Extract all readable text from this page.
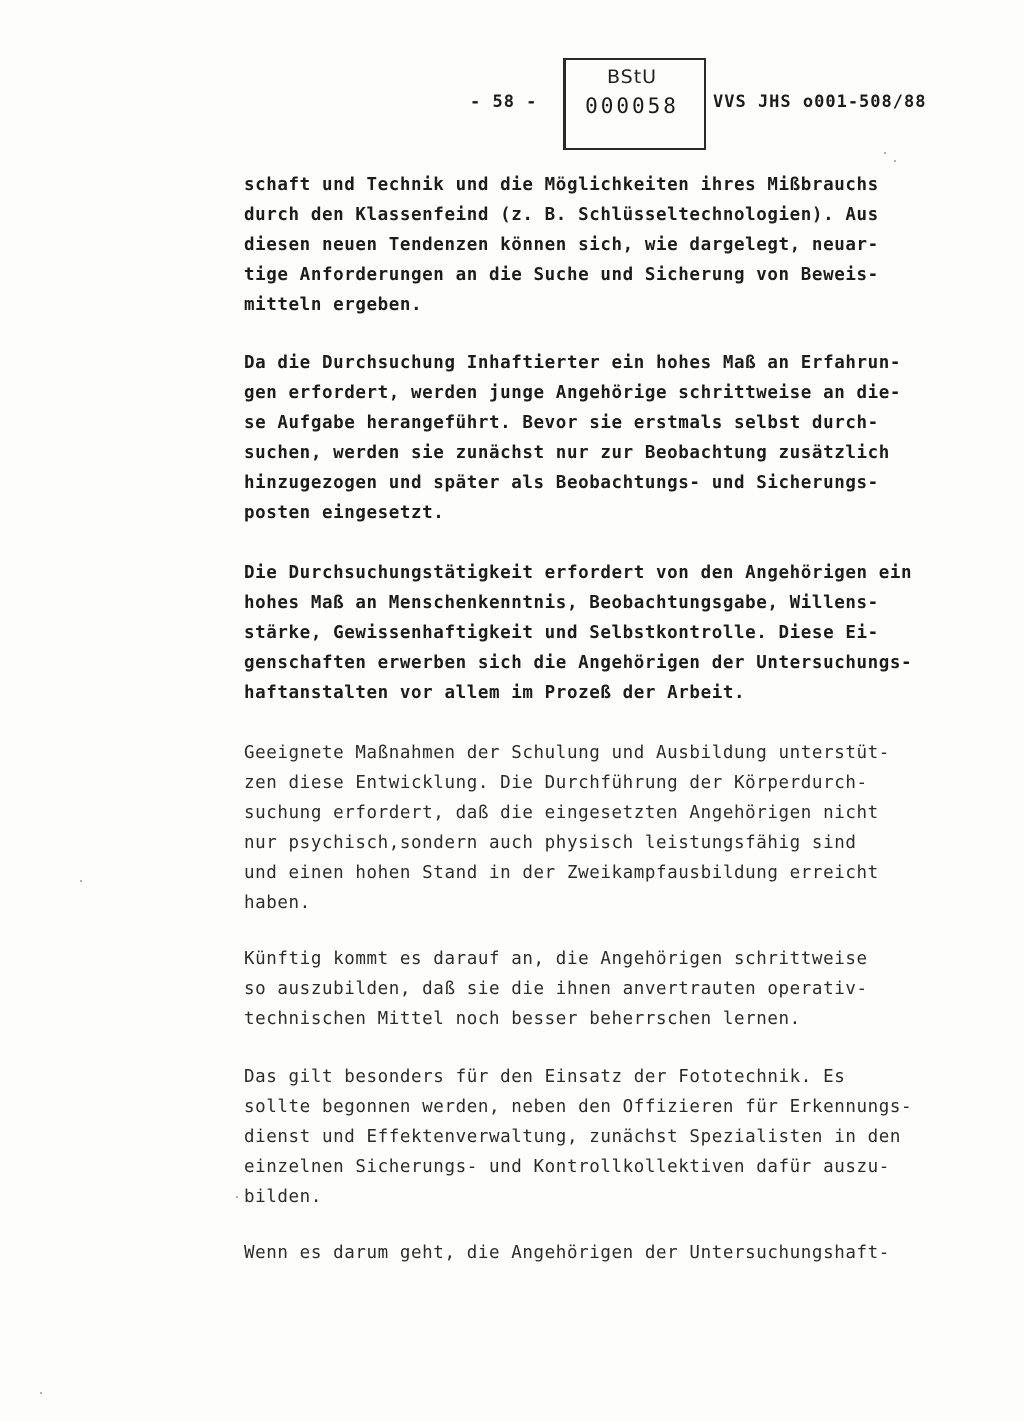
- 58 -	VVS JHS o001-508/88
BStU
000058
schaft und Technik und die Möglichkeiten ihres Mißbrauchs
durch den Klassenfeind (z. B. Schlüsseltechnologien). Aus
diesen neuen Tendenzen können sich, wie dargelegt, neuar-
tige Anforderungen an die Suche und Sicherung von Beweis-
mitteln ergeben.
Da die Durchsuchung Inhaftierter ein hohes Maß an Erfahrun-
gen erfordert, werden junge Angehörige schrittweise an die-
se Aufgabe herangeführt. Bevor sie erstmals selbst durch-
suchen, werden sie zunächst nur zur Beobachtung zusätzlich
hinzugezogen und später als Beobachtungs- und Sicherungs-
posten eingesetzt.
Die Durchsuchungstätigkeit erfordert von den Angehörigen ein
hohes Maß an Menschenkenntnis, Beobachtungsgabe, Willens-
stärke, Gewissenhaftigkeit und Selbstkontrolle. Diese Ei-
genschaften erwerben sich die Angehörigen der Untersuchungs-
haftanstalten vor allem im Prozeß der Arbeit.
Geeignete Maßnahmen der Schulung und Ausbildung unterstüt-
zen diese Entwicklung. Die Durchführung der Körperdurch-
suchung erfordert, daß die eingesetzten Angehörigen nicht
nur psychisch,sondern auch physisch leistungsfähig sind
und einen hohen Stand in der Zweikampfausbildung erreicht
haben.
Künftig kommt es darauf an, die Angehörigen schrittweise
so auszubilden, daß sie die ihnen anvertrauten operativ-
technischen Mittel noch besser beherrschen lernen.
Das gilt besonders für den Einsatz der Fototechnik. Es
sollte begonnen werden, neben den Offizieren für Erkennungs-
dienst und Effektenverwaltung, zunächst Spezialisten in den
einzelnen Sicherungs- und Kontrollkollektiven dafür auszu-
bilden.
Wenn es darum geht, die Angehörigen der Untersuchungshaft-
